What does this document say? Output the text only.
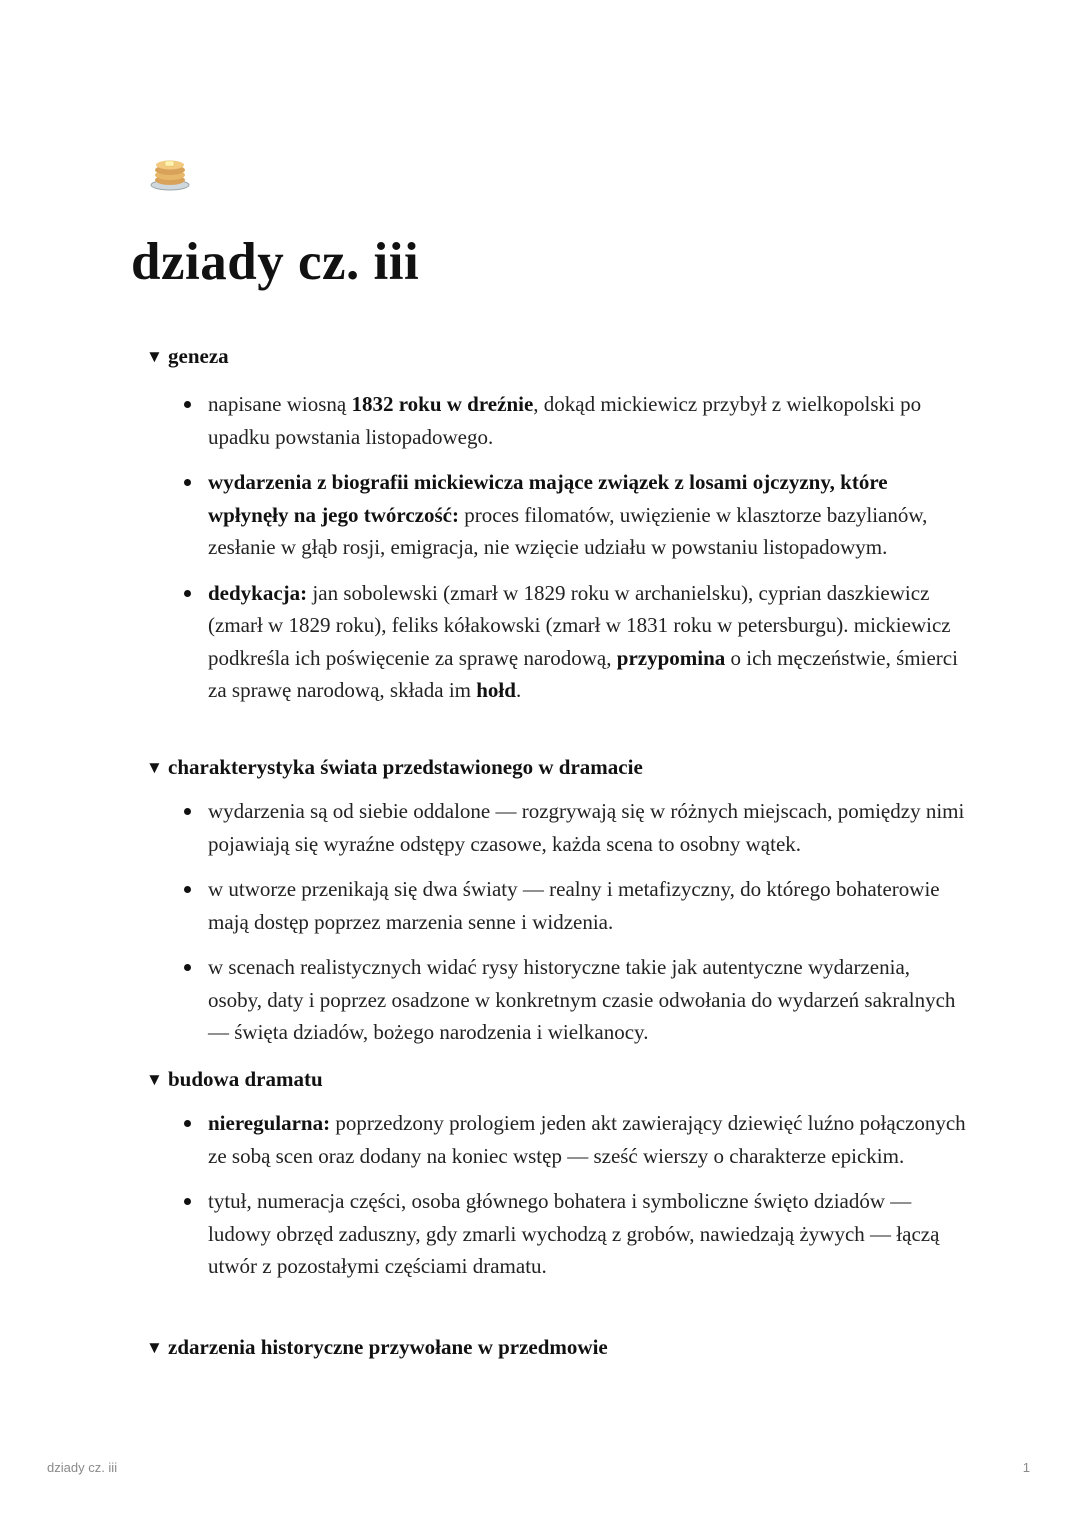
dziady cz. iii
▼ geneza
napisane wiosną 1832 roku w dreźnie, dokąd mickiewicz przybył z wielkopolski po upadku powstania listopadowego.
wydarzenia z biografii mickiewicza mające związek z losami ojczyzny, które wpłynęły na jego twórczość: proces filomatów, uwięzienie w klasztorze bazylianów, zesłanie w głąb rosji, emigracja, nie wzięcie udziału w powstaniu listopadowym.
dedykacja: jan sobolewski (zmarł w 1829 roku w archanielsku), cyprian daszkiewicz (zmarł w 1829 roku), feliks kółakowski (zmarł w 1831 roku w petersburgu). mickiewicz podkreśla ich poświęcenie za sprawę narodową, przypomina o ich męczeństwie, śmierci za sprawę narodową, składa im hołd.
▼ charakterystyka świata przedstawionego w dramacie
wydarzenia są od siebie oddalone — rozgrywają się w różnych miejscach, pomiędzy nimi pojawiają się wyraźne odstępy czasowe, każda scena to osobny wątek.
w utworze przenikają się dwa światy — realny i metafizyczny, do którego bohaterowie mają dostęp poprzez marzenia senne i widzenia.
w scenach realistycznych widać rysy historyczne takie jak autentyczne wydarzenia, osoby, daty i poprzez osadzone w konkretnym czasie odwołania do wydarzeń sakralnych — święta dziadów, bożego narodzenia i wielkanocy.
▼ budowa dramatu
nieregularna: poprzedzony prologiem jeden akt zawierający dziewięć luźno połączonych ze sobą scen oraz dodany na koniec wstęp — sześć wierszy o charakterze epickim.
tytuł, numeracja części, osoba głównego bohatera i symboliczne święto dziadów — ludowy obrzęd zaduszny, gdy zmarli wychodzą z grobów, nawiedzają żywych — łączą utwór z pozostałymi częściami dramatu.
▼ zdarzenia historyczne przywołane w przedmowie
dziady cz. iii	1
